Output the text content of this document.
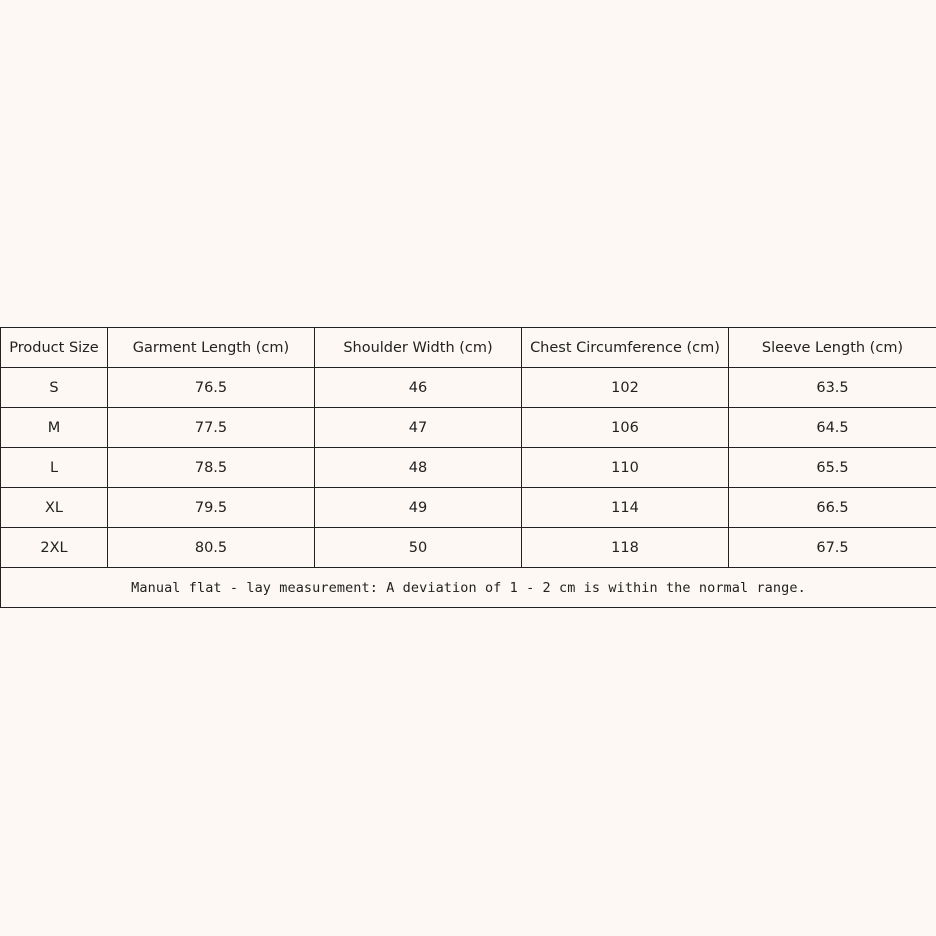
Product Size	Garment Length (cm)	Shoulder Width (cm)	Chest Circumference (cm)	Sleeve Length (cm)
S	76.5	46	102	63.5
M	77.5	47	106	64.5
L	78.5	48	110	65.5
XL	79.5	49	114	66.5
2XL	80.5	50	118	67.5
Manual flat - lay measurement: A deviation of 1 - 2 cm is within the normal range.				
